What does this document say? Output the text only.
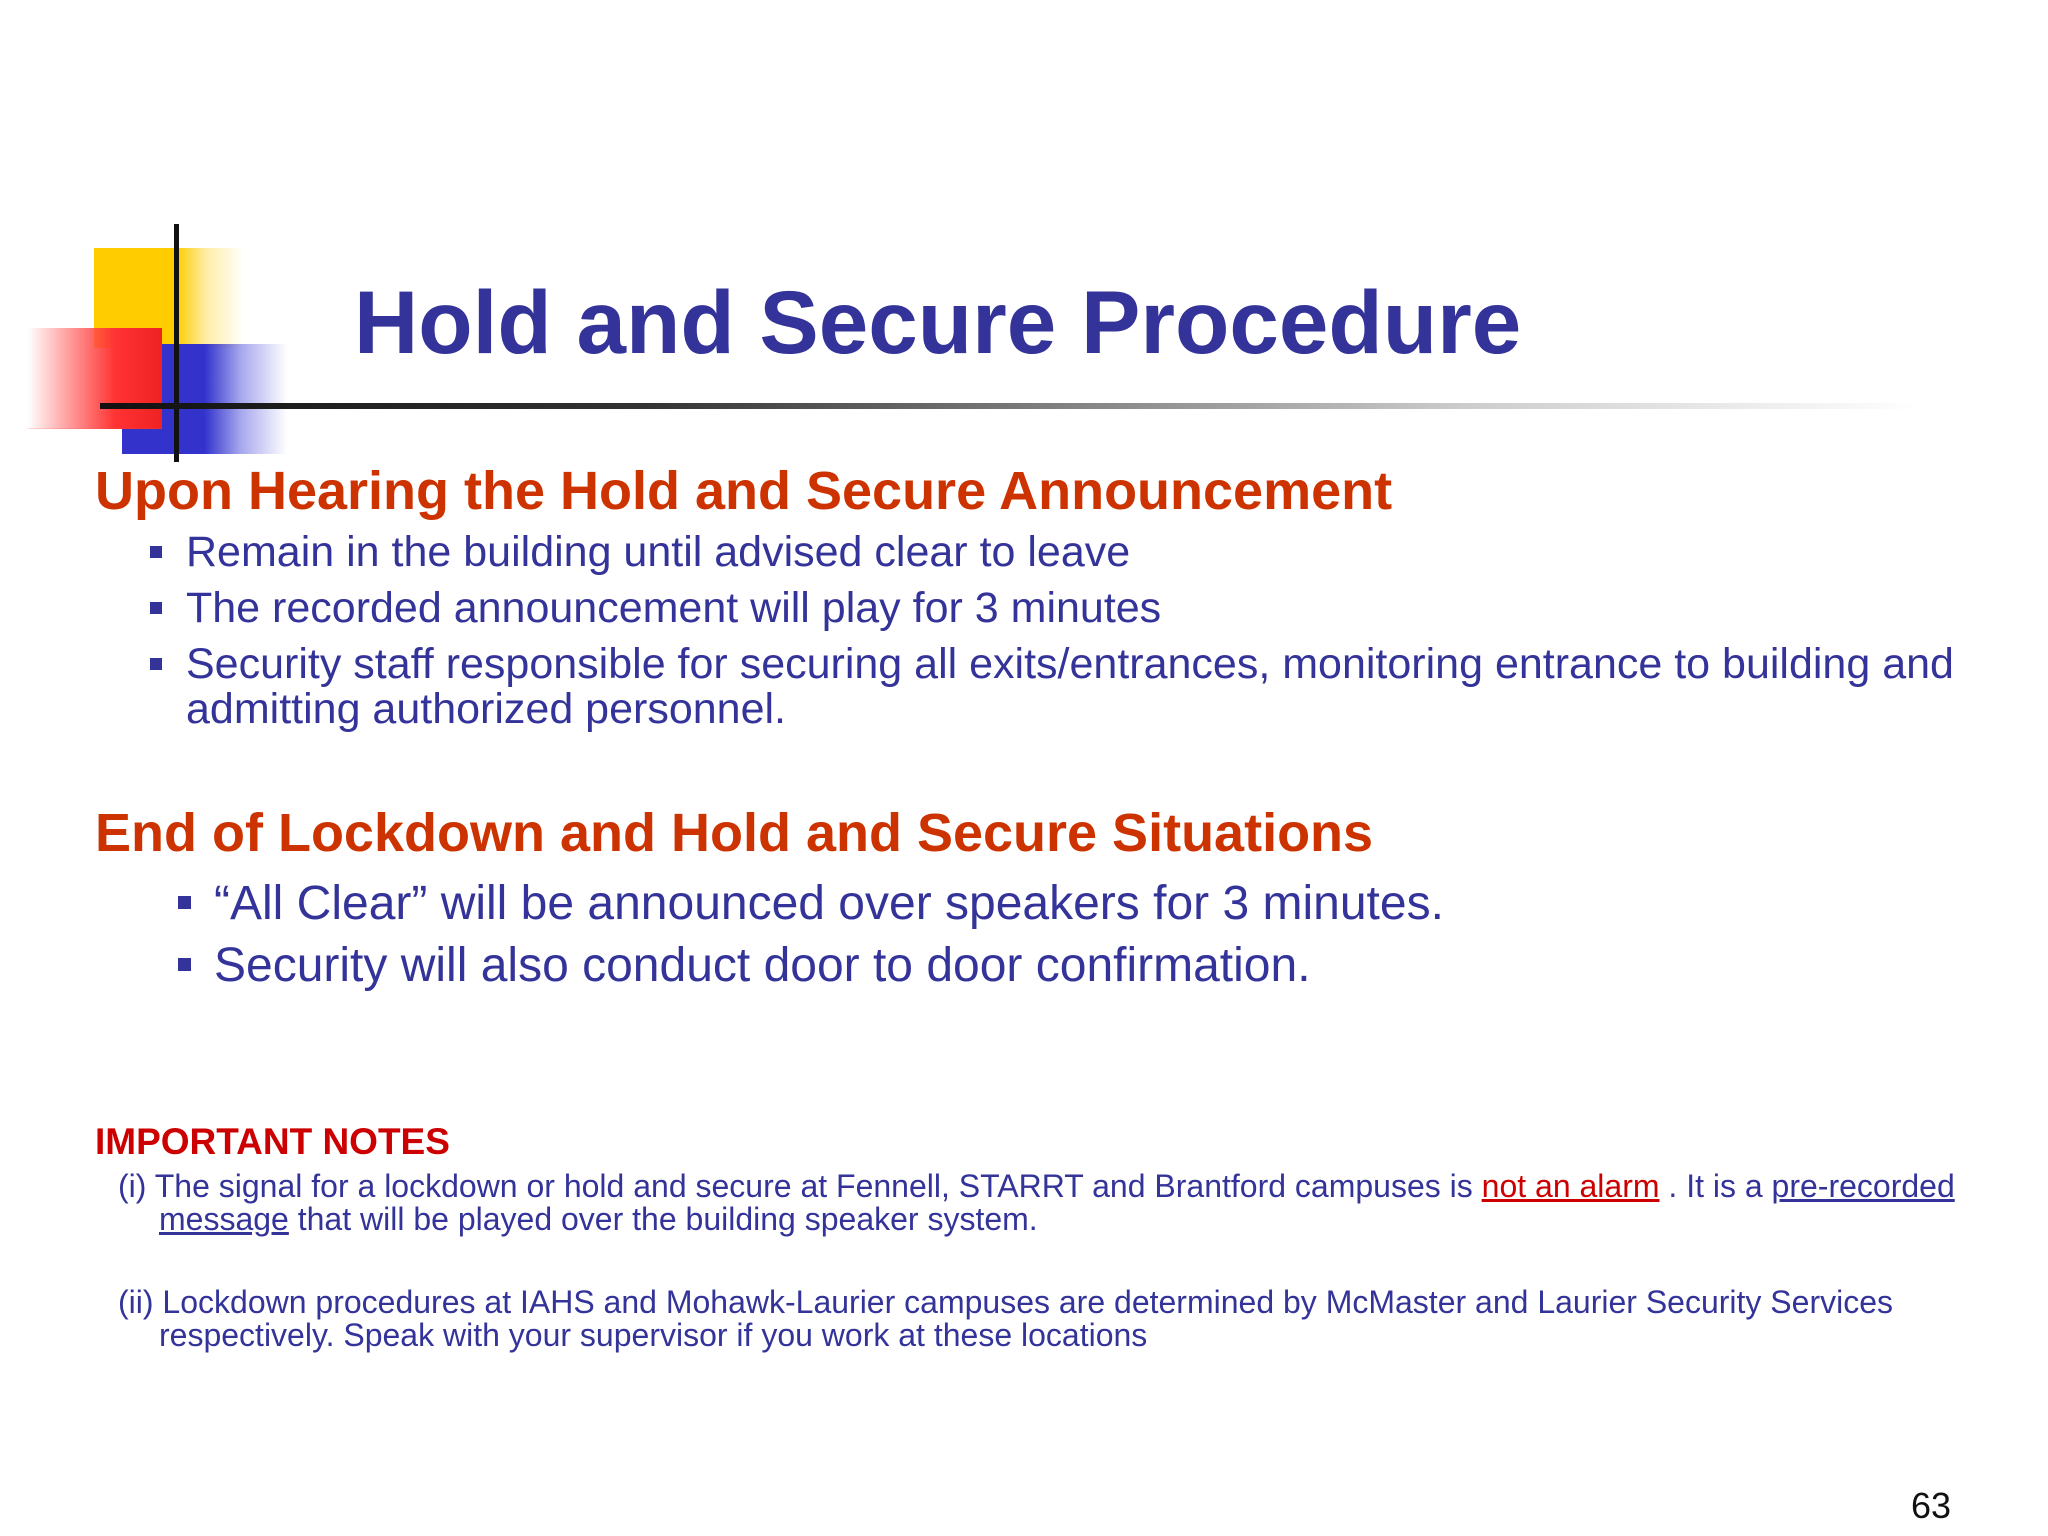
Hold and Secure Procedure
Upon Hearing the Hold and Secure Announcement
Remain in the building until advised clear to leave
The recorded announcement will play for 3 minutes
Security staff responsible for securing all exits/entrances, monitoring entrance to building and admitting authorized personnel.
End of Lockdown and Hold and Secure Situations
“All Clear” will be announced over speakers for 3 minutes.
Security will also conduct door to door confirmation.
IMPORTANT NOTES

(i) The signal for a lockdown or hold and secure at Fennell, STARRT and Brantford campuses is not an alarm . It is a pre-recorded message that will be played over the building speaker system.

(ii) Lockdown procedures at IAHS and Mohawk-Laurier campuses are determined by McMaster and Laurier Security Services respectively. Speak with your supervisor if you work at these locations

63
